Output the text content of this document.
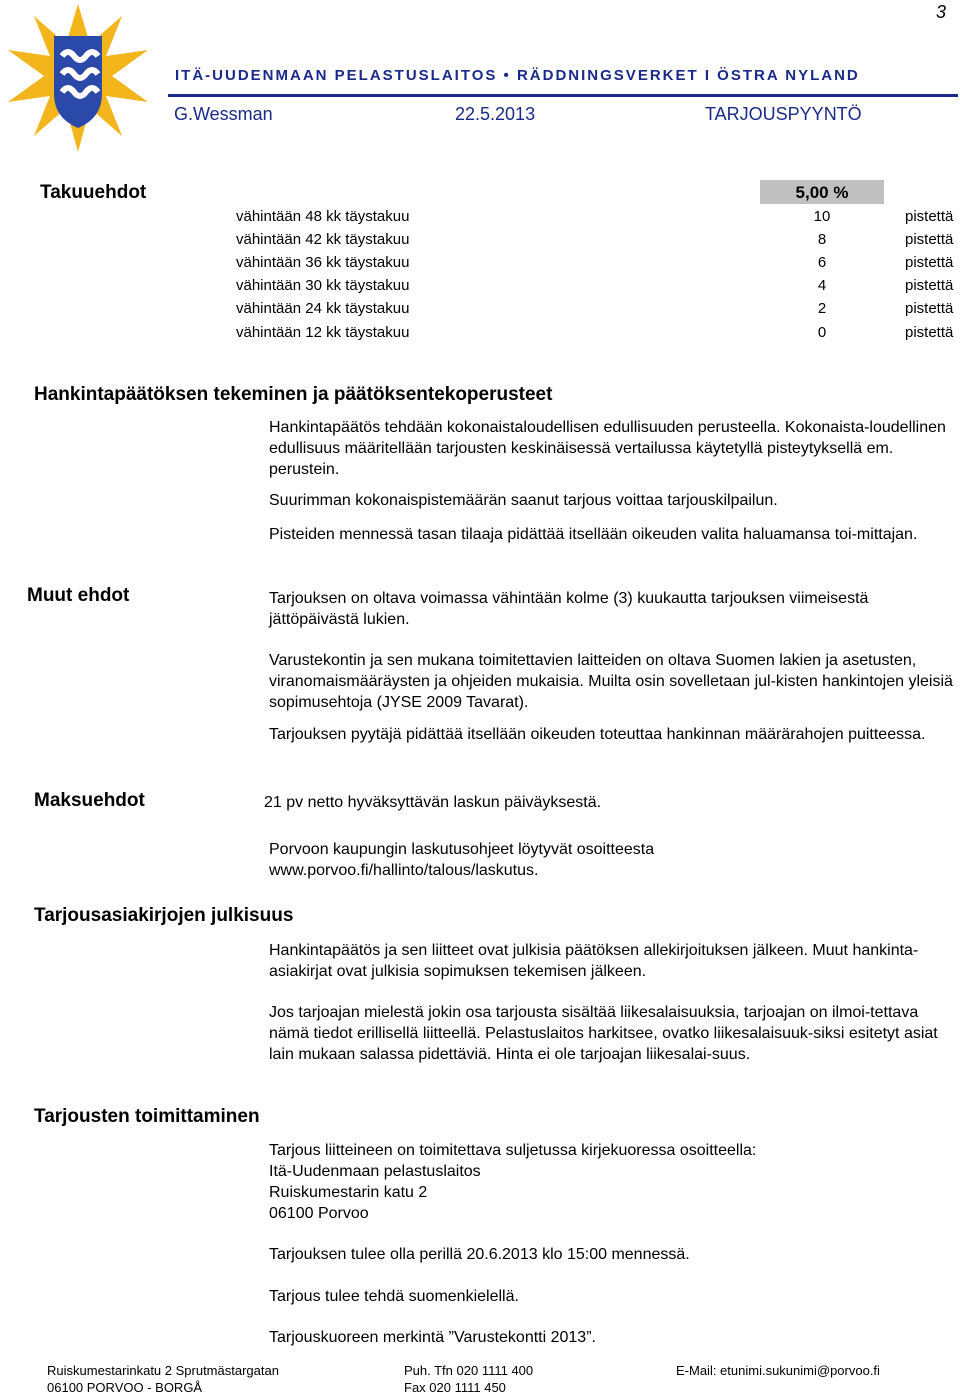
3
ITÄ-UUDENMAAN PELASTUSLAITOS • RÄDDNINGSVERKET I ÖSTRA NYLAND
G.Wessman	22.5.2013	TARJOUSPYYNTÖ
Takuuehdot	5,00 %
vähintään 48 kk täystakuu	10	pistettä
vähintään 42 kk täystakuu	8	pistettä
vähintään 36 kk täystakuu	6	pistettä
vähintään 30 kk täystakuu	4	pistettä
vähintään 24 kk täystakuu	2	pistettä
vähintään 12 kk täystakuu	0	pistettä
Hankintapäätöksen tekeminen ja päätöksentekoperusteet
Hankintapäätös tehdään kokonaistaloudellisen edullisuuden perusteella. Kokonaista-loudellinen edullisuus määritellään tarjousten keskinäisessä vertailussa käytetyllä pisteytyksellä em. perustein.
Suurimman kokonaispistemäärän saanut tarjous voittaa tarjouskilpailun.
Pisteiden mennessä tasan tilaaja pidättää itsellään oikeuden valita haluamansa toi-mittajan.
Muut ehdot	Tarjouksen on oltava voimassa vähintään kolme (3) kuukautta tarjouksen viimeisestä jättöpäivästä lukien.
Varustekontin ja sen mukana toimitettavien laitteiden on oltava Suomen lakien ja asetusten, viranomaismääräysten ja ohjeiden mukaisia. Muilta osin sovelletaan jul-kisten hankintojen yleisiä sopimusehtoja (JYSE 2009 Tavarat).
Tarjouksen pyytäjä pidättää itsellään oikeuden toteuttaa hankinnan määrärahojen puitteessa.
Maksuehdot	21 pv netto hyväksyttävän laskun päiväyksestä.
Porvoon kaupungin laskutusohjeet löytyvät osoitteesta
www.porvoo.fi/hallinto/talous/laskutus.
Tarjousasiakirjojen julkisuus
Hankintapäätös ja sen liitteet ovat julkisia päätöksen allekirjoituksen jälkeen. Muut hankinta-asiakirjat ovat julkisia sopimuksen tekemisen jälkeen.
Jos tarjoajan mielestä jokin osa tarjousta sisältää liikesalaisuuksia, tarjoajan on ilmoi-tettava nämä tiedot erillisellä liitteellä. Pelastuslaitos harkitsee, ovatko liikesalaisuuk-siksi esitetyt asiat lain mukaan salassa pidettäviä. Hinta ei ole tarjoajan liikesalai-suus.
Tarjousten toimittaminen
Tarjous liitteineen on toimitettava suljetussa kirjekuoressa osoitteella:
Itä-Uudenmaan pelastuslaitos
Ruiskumestarin katu 2
06100 Porvoo
Tarjouksen tulee olla perillä 20.6.2013 klo 15:00 mennessä.
Tarjous tulee tehdä suomenkielellä.
Tarjouskuoreen merkintä ”Varustekontti 2013”.
Ruiskumestarinkatu 2 Sprutmästargatan
06100 PORVOO - BORGÅ
Puh. Tfn 020 1111 400
Fax 020 1111 450
E-Mail: etunimi.sukunimi@porvoo.fi
